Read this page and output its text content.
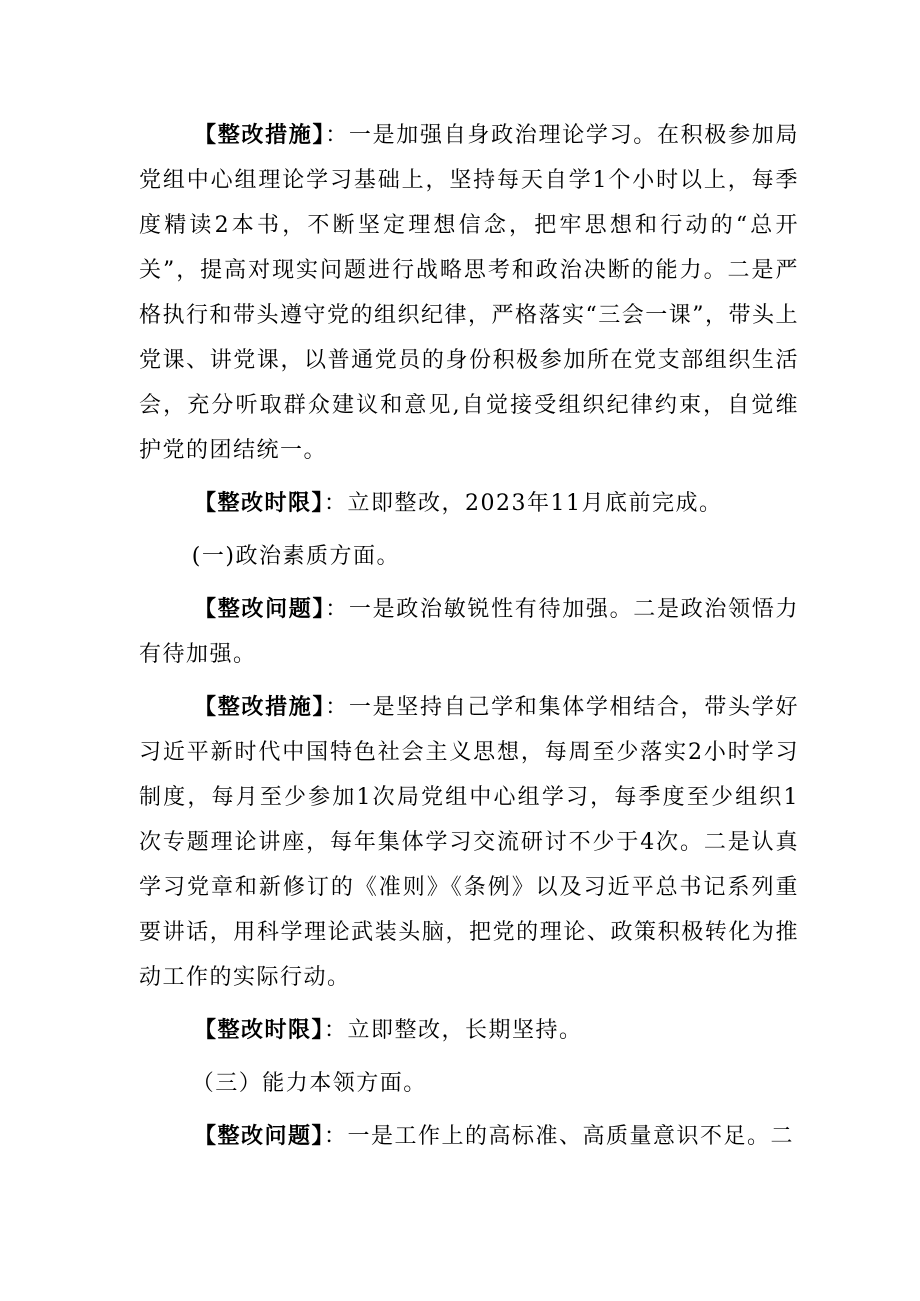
【整改措施】：一是加强自身政治理论学习。在积极参加局党组中心组理论学习基础上，坚持每天自学1个小时以上，每季度精读2本书，不断坚定理想信念，把牢思想和行动的“总开关”，提高对现实问题进行战略思考和政治决断的能力。二是严格执行和带头遵守党的组织纪律，严格落实“三会一课”，带头上党课、讲党课，以普通党员的身份积极参加所在党支部组织生活会，充分听取群众建议和意见,自觉接受组织纪律约束，自觉维护党的团结统一。

【整改时限】：立即整改，2023年11月底前完成。

(一)政治素质方面。

【整改问题】：一是政治敏锐性有待加强。二是政治领悟力有待加强。

【整改措施】：一是坚持自己学和集体学相结合，带头学好习近平新时代中国特色社会主义思想，每周至少落实2小时学习制度，每月至少参加1次局党组中心组学习，每季度至少组织1次专题理论讲座，每年集体学习交流研讨不少于4次。二是认真学习党章和新修订的《准则》《条例》以及习近平总书记系列重要讲话，用科学理论武装头脑，把党的理论、政策积极转化为推动工作的实际行动。

【整改时限】：立即整改，长期坚持。

（三）能力本领方面。

【整改问题】：一是工作上的高标准、高质量意识不足。二
